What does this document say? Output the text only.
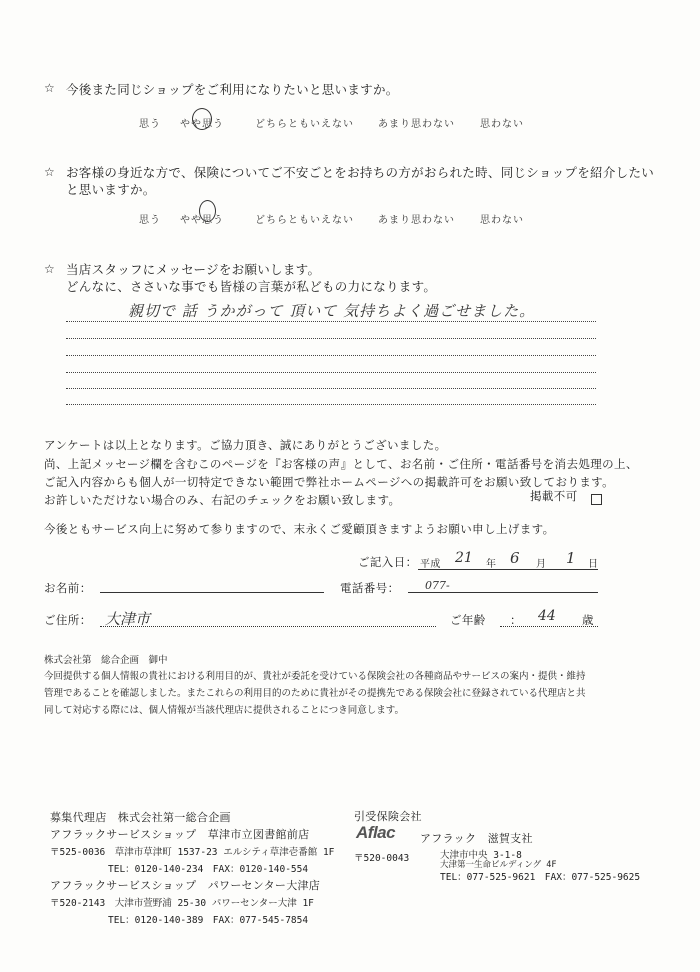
☆ 今後また同じショップをご利用になりたいと思いますか。
思う やや思う	どちらともいえない あまり思わない	思わない
☆ お客様の身近な方で、保険についてご不安ごとをお持ちの方がおられた時、同じショップを紹介したい
と思いますか。
思う やや思う	どちらともいえない あまり思わない	思わない
☆ 当店スタッフにメッセージをお願いします。
どんなに、ささいな事でも皆様の言葉が私どもの力になります。
親切で 話 うかがって 頂いて 気持ちよく過ごせました。
アンケートは以上となります。ご協力頂き、誠にありがとうございました。
尚、上記メッセージ欄を含むこのページを『お客様の声』として、お名前・ご住所・電話番号を消去処理の上、
ご記入内容からも個人が一切特定できない範囲で弊社ホームページへの掲載許可をお願い致しております。
お許しいただけない場合のみ、右記のチェックをお願い致します。	掲載不可
今後ともサービス向上に努めて参りますので、末永くご愛顧頂きますようお願い申し上げます。
ご記入日： 平成 21 年 6 月 1 日
お名前：	電話番号： 077-
ご住所： 大津市	ご年齢 ： 44 歳
株式会社第　総合企画　御中
今回提供する個人情報の貴社における利用目的が、貴社が委託を受けている保険会社の各種商品やサービスの案内・提供・維持
管理であることを確認しました。またこれらの利用目的のために貴社がその提携先である保険会社に登録されている代理店と共
同して対応する際には、個人情報が当該代理店に提供されることにつき同意します。
募集代理店　株式会社第一総合企画
アフラックサービスショップ　草津市立図書館前店
〒525-0036　草津市草津町 1537-23 エルシティ草津壱番館 1F
TEL：0120-140-234　FAX：0120-140-554
アフラックサービスショップ　パワーセンター大津店
〒520-2143　大津市萱野浦 25-30 パワーセンター大津 1F
TEL：0120-140-389　FAX：077-545-7854
引受保険会社
Aflac アフラック　滋賀支社
〒520-0043	大津市中央 3-1-8
大津第一生命ビルディング 4F
TEL：077-525-9621　FAX：077-525-9625
